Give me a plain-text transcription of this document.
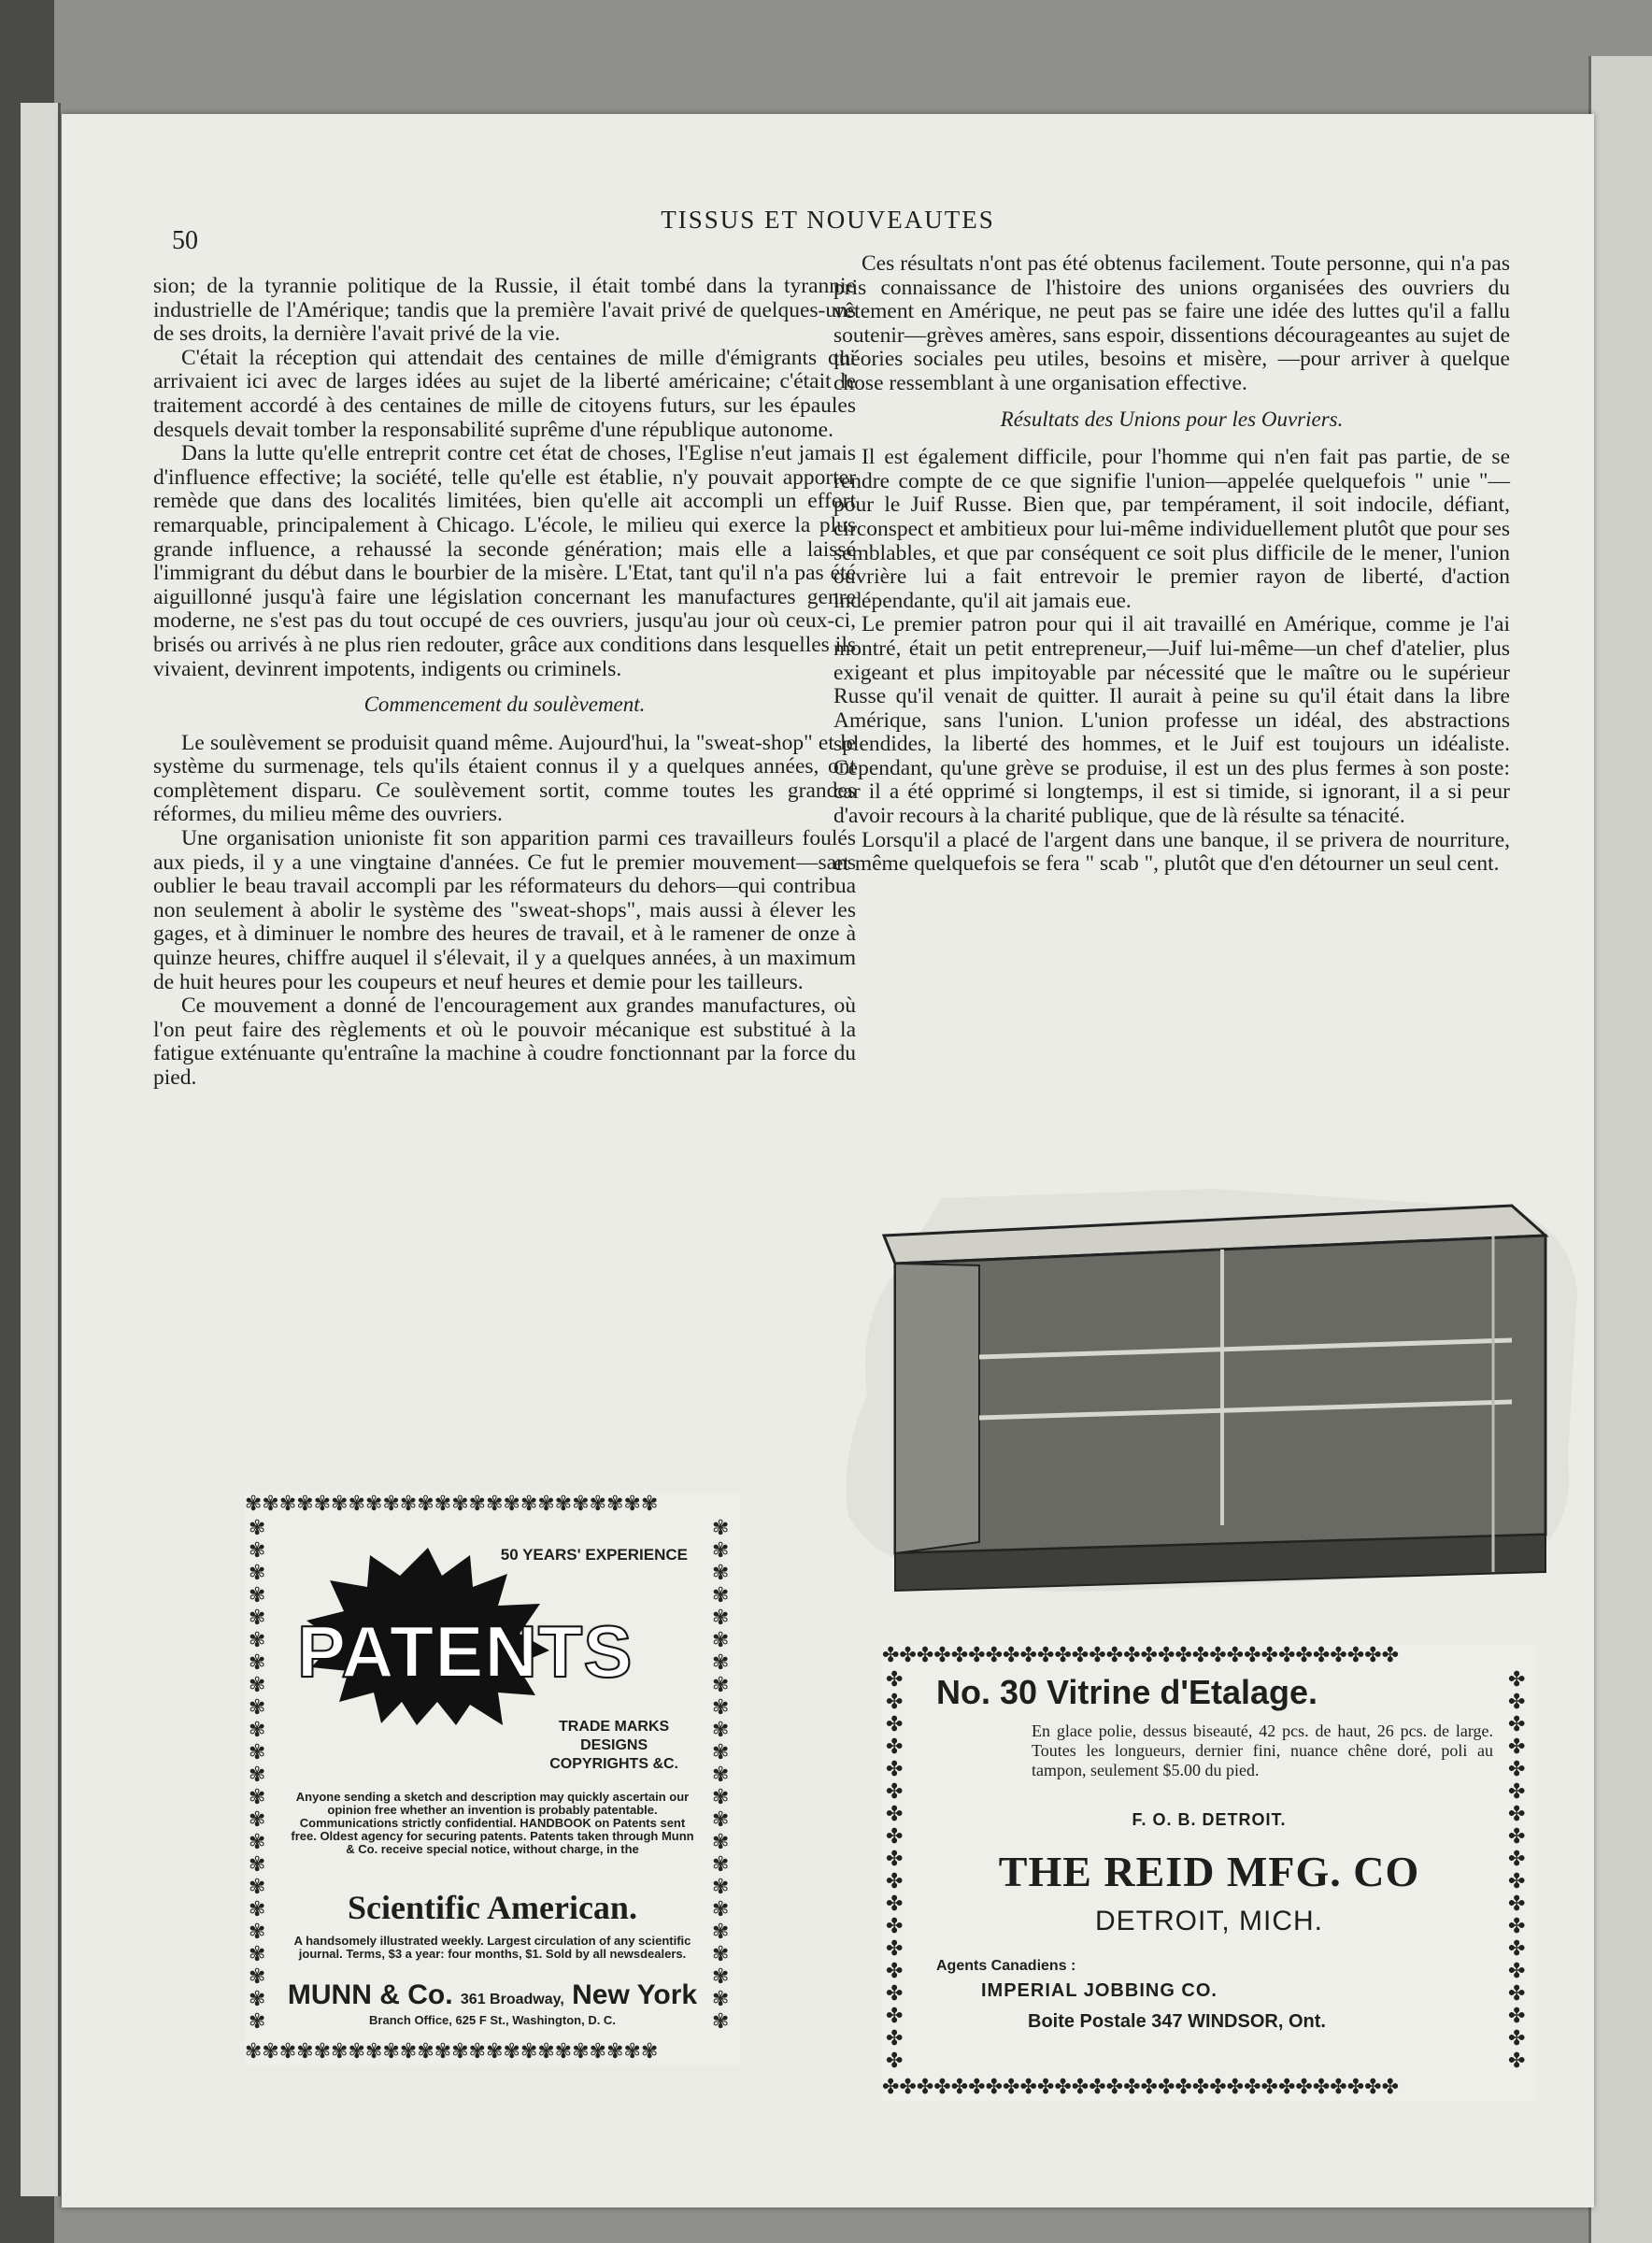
50
TISSUS ET NOUVEAUTES

sion; de la tyrannie politique de la Russie, il était tombé dans la tyrannie industrielle de l'Amérique; tandis que la première l'avait privé de quelques-uns de ses droits, la dernière l'avait privé de la vie.

C'était la réception qui attendait des centaines de mille d'émigrants qui arrivaient ici avec de larges idées au sujet de la liberté américaine; c'était le traitement accordé à des centaines de mille de citoyens futurs, sur les épaules desquels devait tomber la responsabilité suprême d'une république autonome.

Dans la lutte qu'elle entreprit contre cet état de choses, l'Eglise n'eut jamais d'influence effective; la société, telle qu'elle est établie, n'y pouvait apporter remède que dans des localités limitées, bien qu'elle ait accompli un effort remarquable, principalement à Chicago. L'école, le milieu qui exerce la plus grande influence, a rehaussé la seconde génération; mais elle a laissé l'immigrant du début dans le bourbier de la misère. L'Etat, tant qu'il n'a pas été aiguillonné jusqu'à faire une législation concernant les manufactures genre moderne, ne s'est pas du tout occupé de ces ouvriers, jusqu'au jour où ceux-ci, brisés ou arrivés à ne plus rien redouter, grâce aux conditions dans lesquelles ils vivaient, devinrent impotents, indigents ou criminels.

Commencement du soulèvement.

Le soulèvement se produisit quand même. Aujourd'hui, la "sweat-shop" et le système du surmenage, tels qu'ils étaient connus il y a quelques années, ont complètement disparu. Ce soulèvement sortit, comme toutes les grandes réformes, du milieu même des ouvriers.

Une organisation unioniste fit son apparition parmi ces travailleurs foulés aux pieds, il y a une vingtaine d'années. Ce fut le premier mouvement—sans oublier le beau travail accompli par les réformateurs du dehors—qui contribua non seulement à abolir le système des "sweat-shops", mais aussi à élever les gages, et à diminuer le nombre des heures de travail, et à le ramener de onze à quinze heures, chiffre auquel il s'élevait, il y a quelques années, à un maximum de huit heures pour les coupeurs et neuf heures et demie pour les tailleurs.

Ce mouvement a donné de l'encouragement aux grandes manufactures, où l'on peut faire des règlements et où le pouvoir mécanique est substitué à la fatigue exténuante qu'entraîne la machine à coudre fonctionnant par la force du pied.

Ces résultats n'ont pas été obtenus facilement. Toute personne, qui n'a pas pris connaissance de l'histoire des unions organisées des ouvriers du vêtement en Amérique, ne peut pas se faire une idée des luttes qu'il a fallu soutenir—grèves amères, sans espoir, dissentions décourageantes au sujet de théories sociales peu utiles, besoins et misère, —pour arriver à quelque chose ressemblant à une organisation effective.

Résultats des Unions pour les Ouvriers.

Il est également difficile, pour l'homme qui n'en fait pas partie, de se rendre compte de ce que signifie l'union—appelée quelquefois " unie "—pour le Juif Russe. Bien que, par tempérament, il soit indocile, défiant, circonspect et ambitieux pour lui-même individuellement plutôt que pour ses semblables, et que par conséquent ce soit plus difficile de le mener, l'union ouvrière lui a fait entrevoir le premier rayon de liberté, d'action indépendante, qu'il ait jamais eue.

Le premier patron pour qui il ait travaillé en Amérique, comme je l'ai montré, était un petit entrepreneur,—Juif lui-même—un chef d'atelier, plus exigeant et plus impitoyable par nécessité que le maître ou le supérieur Russe qu'il venait de quitter. Il aurait à peine su qu'il était dans la libre Amérique, sans l'union. L'union professe un idéal, des abstractions splendides, la liberté des hommes, et le Juif est toujours un idéaliste. Cependant, qu'une grève se produise, il est un des plus fermes à son poste: car il a été opprimé si longtemps, il est si timide, si ignorant, il a si peur d'avoir recours à la charité publique, que de là résulte sa ténacité.

Lorsqu'il a placé de l'argent dans une banque, il se privera de nourriture, et même quelquefois se fera " scab ", plutôt que d'en détourner un seul cent.

✾✾✾✾✾✾✾✾✾✾✾✾✾✾✾✾✾✾✾✾✾✾✾✾
✾✾✾✾✾✾✾✾✾✾✾✾✾✾✾✾✾✾✾✾✾✾✾✾
✾✾✾✾✾✾✾✾✾✾✾✾✾✾✾✾✾✾✾✾✾✾✾
✾✾✾✾✾✾✾✾✾✾✾✾✾✾✾✾✾✾✾✾✾✾✾
50 YEARS' EXPERIENCE
PATENTS
TRADE MARKS
DESIGNS
COPYRIGHTS &C.
Anyone sending a sketch and description may quickly ascertain our opinion free whether an invention is probably patentable. Communications strictly confidential. HANDBOOK on Patents sent free. Oldest agency for securing patents. Patents taken through Munn & Co. receive special notice, without charge, in the
Scientific American.
A handsomely illustrated weekly. Largest circulation of any scientific journal. Terms, $3 a year: four months, $1. Sold by all newsdealers.
MUNN & Co. 361 Broadway, New York
Branch Office, 625 F St., Washington, D. C.
✤✤✤✤✤✤✤✤✤✤✤✤✤✤✤✤✤✤✤✤✤✤✤✤✤✤✤✤✤✤
✤✤✤✤✤✤✤✤✤✤✤✤✤✤✤✤✤✤✤✤✤✤✤✤✤✤✤✤✤✤
✤✤✤✤✤✤✤✤✤✤✤✤✤✤✤✤✤✤
✤✤✤✤✤✤✤✤✤✤✤✤✤✤✤✤✤✤
No. 30 Vitrine d'Etalage.
En glace polie, dessus biseauté, 42 pcs. de haut, 26 pcs. de large. Toutes les longueurs, dernier fini, nuance chêne doré, poli au tampon, seulement $5.00 du pied.
F. O. B. DETROIT.
THE REID MFG. CO
DETROIT, MICH.
Agents Canadiens :
IMPERIAL JOBBING CO.
Boite Postale 347 WINDSOR, Ont.
